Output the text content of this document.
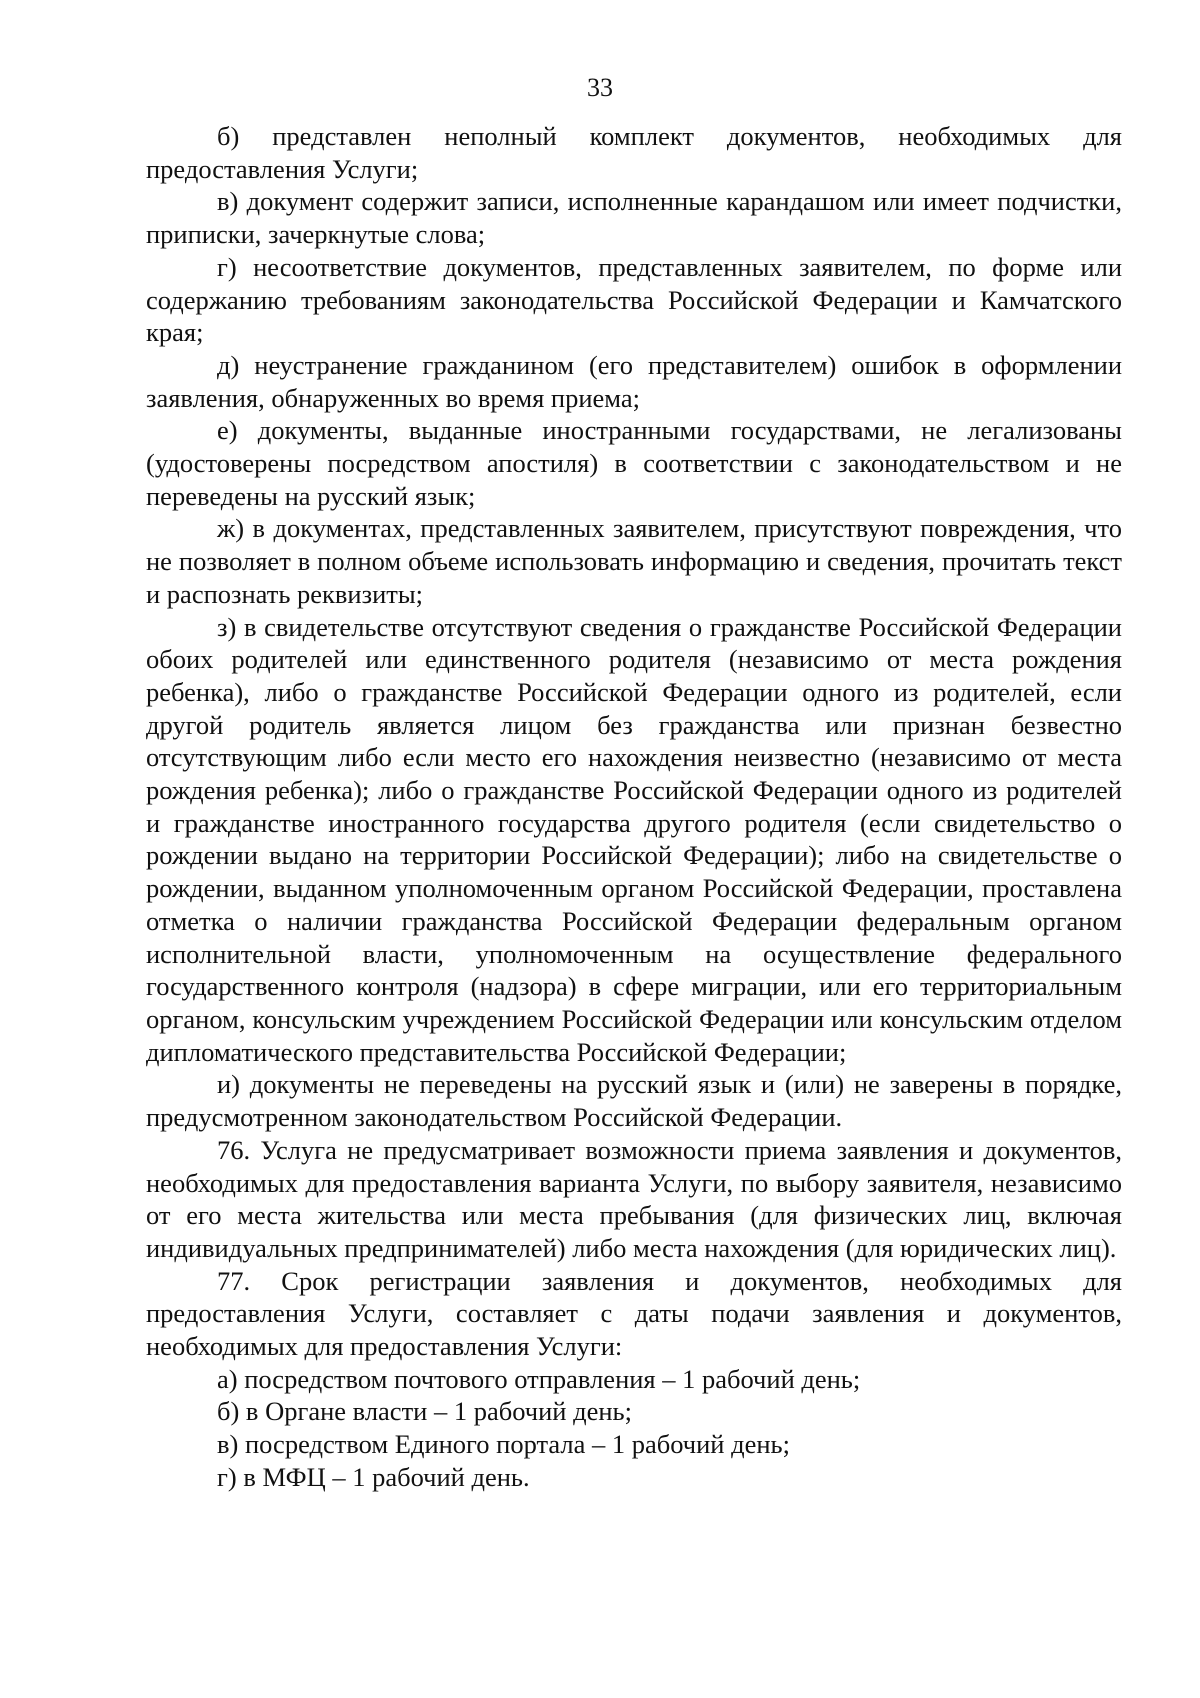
33

б) представлен неполный комплект документов, необходимых для предоставления Услуги;

в) документ содержит записи, исполненные карандашом или имеет подчистки, приписки, зачеркнутые слова;

г) несоответствие документов, представленных заявителем, по форме или содержанию требованиям законодательства Российской Федерации и Камчатского края;

д) неустранение гражданином (его представителем) ошибок в оформлении заявления, обнаруженных во время приема;

е) документы, выданные иностранными государствами, не легализованы (удостоверены посредством апостиля) в соответствии с законодательством и не переведены на русский язык;

ж) в документах, представленных заявителем, присутствуют повреждения, что не позволяет в полном объеме использовать информацию и сведения, прочитать текст и распознать реквизиты;

з) в свидетельстве отсутствуют сведения о гражданстве Российской Федерации обоих родителей или единственного родителя (независимо от места рождения ребенка), либо о гражданстве Российской Федерации одного из родителей, если другой родитель является лицом без гражданства или признан безвестно отсутствующим либо если место его нахождения неизвестно (независимо от места рождения ребенка); либо о гражданстве Российской Федерации одного из родителей и гражданстве иностранного государства другого родителя (если свидетельство о рождении выдано на территории Российской Федерации); либо на свидетельстве о рождении, выданном уполномоченным органом Российской Федерации, проставлена отметка о наличии гражданства Российской Федерации федеральным органом исполнительной власти, уполномоченным на осуществление федерального государственного контроля (надзора) в сфере миграции, или его территориальным органом, консульским учреждением Российской Федерации или консульским отделом дипломатического представительства Российской Федерации;

и) документы не переведены на русский язык и (или) не заверены в порядке, предусмотренном законодательством Российской Федерации.

76. Услуга не предусматривает возможности приема заявления и документов, необходимых для предоставления варианта Услуги, по выбору заявителя, независимо от его места жительства или места пребывания (для физических лиц, включая индивидуальных предпринимателей) либо места нахождения (для юридических лиц).

77. Срок регистрации заявления и документов, необходимых для предоставления Услуги, составляет с даты подачи заявления и документов, необходимых для предоставления Услуги:

а) посредством почтового отправления – 1 рабочий день;

б) в Органе власти – 1 рабочий день;

в) посредством Единого портала – 1 рабочий день;

г) в МФЦ – 1 рабочий день.
